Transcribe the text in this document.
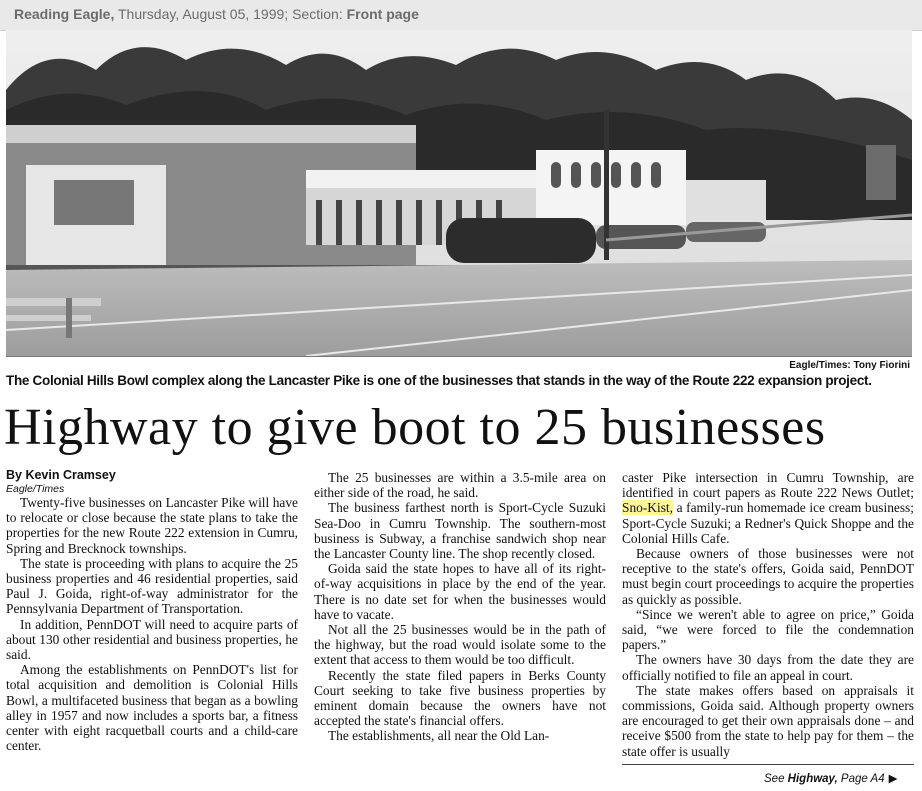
Reading Eagle, Thursday, August 05, 1999; Section: Front page
Eagle/Times: Tony Fiorini
The Colonial Hills Bowl complex along the Lancaster Pike is one of the businesses that stands in the way of the Route 222 expansion project.
Highway to give boot to 25 businesses

By Kevin Cramsey

Eagle/Times

Twenty-five businesses on Lancaster Pike will have to relocate or close because the state plans to take the properties for the new Route 222 extension in Cumru, Spring and Brecknock townships.

The state is proceeding with plans to acquire the 25 business properties and 46 residential properties, said Paul J. Goida, right-of-way administrator for the Pennsylvania Department of Transportation.

In addition, PennDOT will need to acquire parts of about 130 other residential and business properties, he said.

Among the establishments on PennDOT's list for total acquisition and demolition is Colonial Hills Bowl, a multifaceted business that began as a bowling alley in 1957 and now includes a sports bar, a fitness center with eight racquetball courts and a child-care center.

The 25 businesses are within a 3.5-mile area on either side of the road, he said.

The business farthest north is Sport-Cycle Suzuki Sea-Doo in Cumru Township. The southern-most business is Subway, a franchise sandwich shop near the Lancaster County line. The shop recently closed.

Goida said the state hopes to have all of its right-of-way acquisitions in place by the end of the year. There is no date set for when the businesses would have to vacate.

Not all the 25 businesses would be in the path of the highway, but the road would isolate some to the extent that access to them would be too difficult.

Recently the state filed papers in Berks County Court seeking to take five business properties by eminent domain because the owners have not accepted the state's financial offers.

The establishments, all near the Old Lan-

caster Pike intersection in Cumru Township, are identified in court papers as Route 222 News Outlet; Sno-Kist, a family-run homemade ice cream business; Sport-Cycle Suzuki; a Redner's Quick Shoppe and the Colonial Hills Cafe.

Because owners of those businesses were not receptive to the state's offers, Goida said, PennDOT must begin court proceedings to acquire the properties as quickly as possible.

“Since we weren't able to agree on price,” Goida said, “we were forced to file the condemnation papers.”

The owners have 30 days from the date they are officially notified to file an appeal in court.

The state makes offers based on appraisals it commissions, Goida said. Although property owners are encouraged to get their own appraisals done – and receive $500 from the state to help pay for them – the state offer is usually

See Highway, Page A4 ▶
